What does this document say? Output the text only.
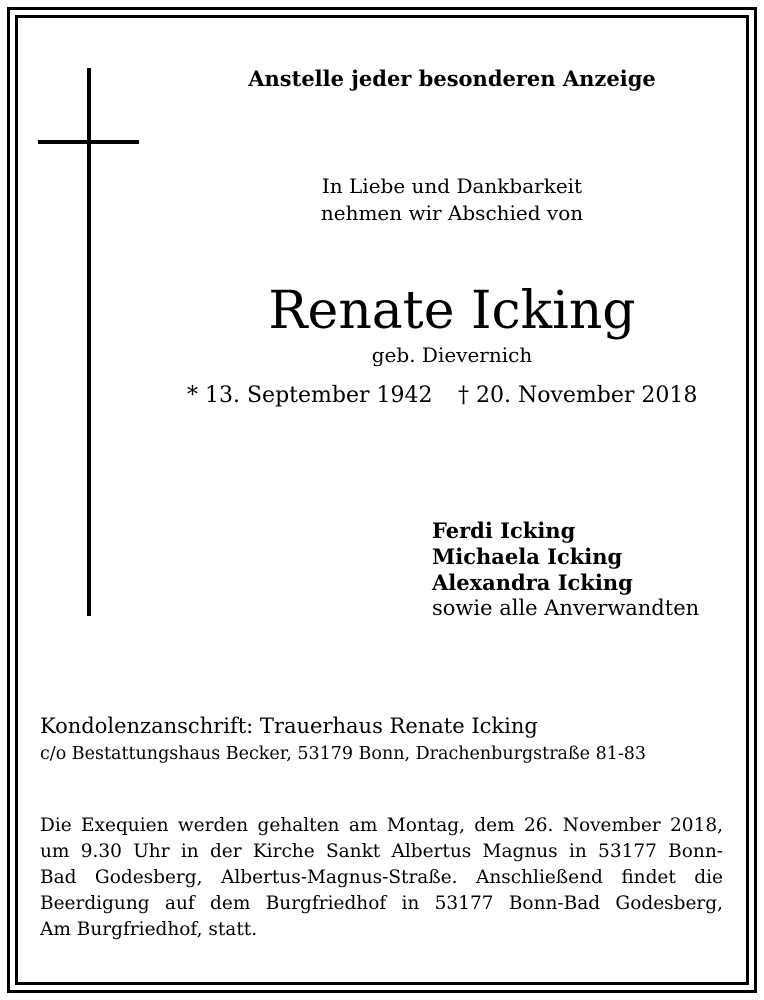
Anstelle jeder besonderen Anzeige
In Liebe und Dankbarkeit
nehmen wir Abschied von
Renate Icking
geb. Dievernich
* 13. September 1942 † 20. November 2018
Ferdi Icking
Michaela Icking
Alexandra Icking
sowie alle Anverwandten
Kondolenzanschrift: Trauerhaus Renate Icking
c/o Bestattungshaus Becker, 53179 Bonn, Drachenburgstraße 81-83
Die Exequien werden gehalten am Montag, dem 26. November 2018,
um 9.30 Uhr in der Kirche Sankt Albertus Magnus in 53177 Bonn-
Bad Godesberg, Albertus-Magnus-Straße. Anschließend findet die
Beerdigung auf dem Burgfriedhof in 53177 Bonn-Bad Godesberg,
Am Burgfriedhof, statt.
